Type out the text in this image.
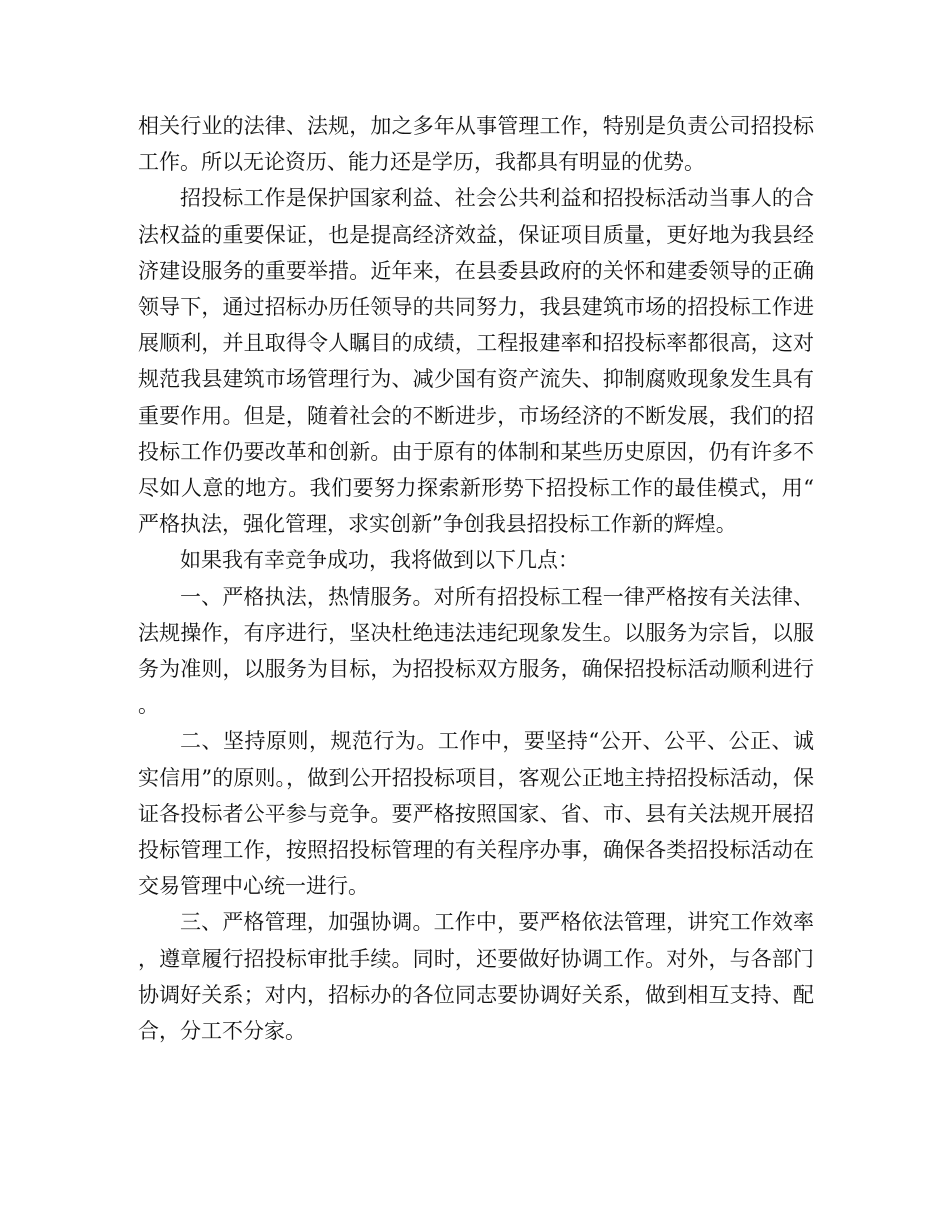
相关行业的法律、法规，加之多年从事管理工作，特别是负责公司招投标工作。所以无论资历、能力还是学历，我都具有明显的优势。

招投标工作是保护国家利益、社会公共利益和招投标活动当事人的合法权益的重要保证，也是提高经济效益，保证项目质量，更好地为我县经济建设服务的重要举措。近年来，在县委县政府的关怀和建委领导的正确领导下，通过招标办历任领导的共同努力，我县建筑市场的招投标工作进展顺利，并且取得令人瞩目的成绩，工程报建率和招投标率都很高，这对规范我县建筑市场管理行为、减少国有资产流失、抑制腐败现象发生具有重要作用。但是，随着社会的不断进步，市场经济的不断发展，我们的招投标工作仍要改革和创新。由于原有的体制和某些历史原因，仍有许多不尽如人意的地方。我们要努力探索新形势下招投标工作的最佳模式，用“严格执法，强化管理，求实创新”争创我县招投标工作新的辉煌。

如果我有幸竞争成功，我将做到以下几点：

一、严格执法，热情服务。对所有招投标工程一律严格按有关法律、法规操作，有序进行，坚决杜绝违法违纪现象发生。以服务为宗旨，以服务为准则，以服务为目标，为招投标双方服务，确保招投标活动顺利进行。

二、坚持原则，规范行为。工作中，要坚持“公开、公平、公正、诚实信用”的原则。，做到公开招投标项目，客观公正地主持招投标活动，保证各投标者公平参与竞争。要严格按照国家、省、市、县有关法规开展招投标管理工作，按照招投标管理的有关程序办事，确保各类招投标活动在交易管理中心统一进行。

三、严格管理，加强协调。工作中，要严格依法管理，讲究工作效率，遵章履行招投标审批手续。同时，还要做好协调工作。对外，与各部门协调好关系；对内，招标办的各位同志要协调好关系，做到相互支持、配合，分工不分家。
